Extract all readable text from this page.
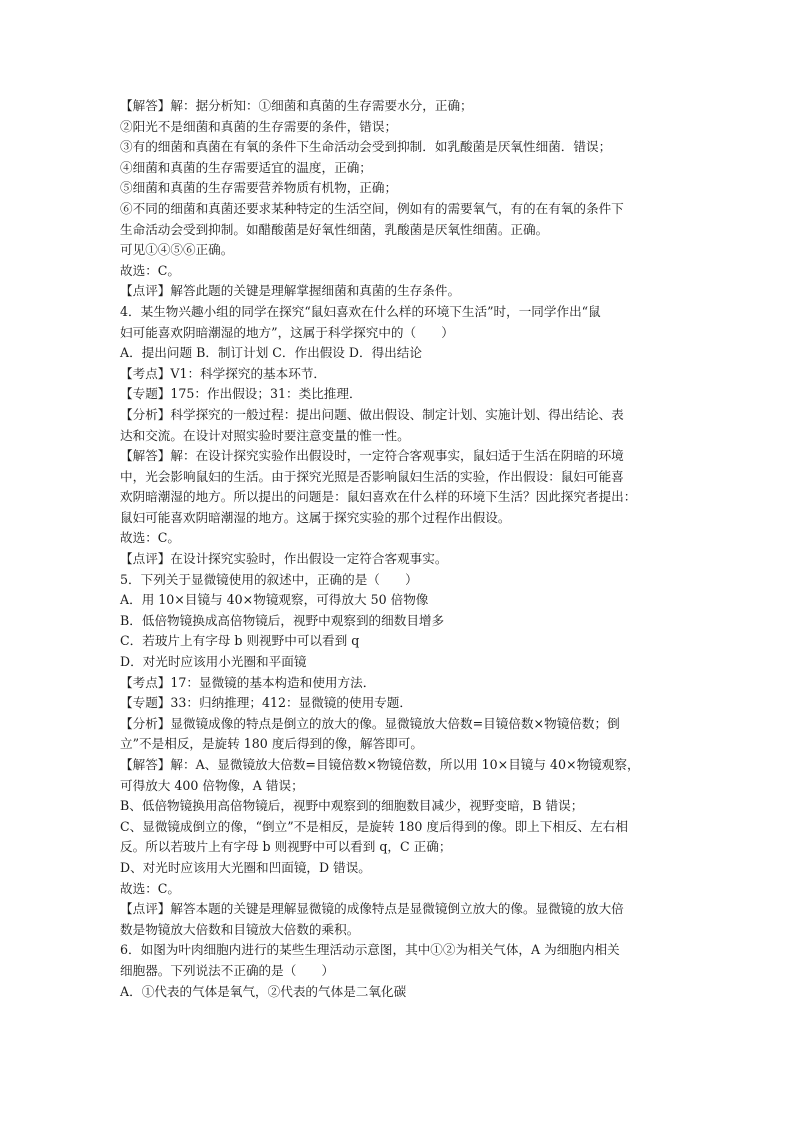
【解答】解：据分析知：①细菌和真菌的生存需要水分，正确；
②阳光不是细菌和真菌的生存需要的条件，错误；
③有的细菌和真菌在有氧的条件下生命活动会受到抑制．如乳酸菌是厌氧性细菌．错误；
④细菌和真菌的生存需要适宜的温度，正确；
⑤细菌和真菌的生存需要营养物质有机物，正确；
⑥不同的细菌和真菌还要求某种特定的生活空间，例如有的需要氧气，有的在有氧的条件下
生命活动会受到抑制。如醋酸菌是好氧性细菌，乳酸菌是厌氧性细菌。正确。
可见①④⑤⑥正确。
故选：C。
【点评】解答此题的关键是理解掌握细菌和真菌的生存条件。
4．某生物兴趣小组的同学在探究“鼠妇喜欢在什么样的环境下生活”时，一同学作出“鼠
妇可能喜欢阴暗潮湿的地方”，这属于科学探究中的（　　）
A．提出问题 B．制订计划 C．作出假设 D．得出结论
【考点】V1：科学探究的基本环节．
【专题】175：作出假设；31：类比推理．
【分析】科学探究的一般过程：提出问题、做出假设、制定计划、实施计划、得出结论、表
达和交流。在设计对照实验时要注意变量的惟一性。
【解答】解：在设计探究实验作出假设时，一定符合客观事实，鼠妇适于生活在阴暗的环境
中，光会影响鼠妇的生活。由于探究光照是否影响鼠妇生活的实验，作出假设：鼠妇可能喜
欢阴暗潮湿的地方。所以提出的问题是：鼠妇喜欢在什么样的环境下生活？因此探究者提出：
鼠妇可能喜欢阴暗潮湿的地方。这属于探究实验的那个过程作出假设。
故选：C。
【点评】在设计探究实验时，作出假设一定符合客观事实。
5．下列关于显微镜使用的叙述中，正确的是（　　）
A．用 10×目镜与 40×物镜观察，可得放大 50 倍物像
B．低倍物镜换成高倍物镜后，视野中观察到的细数目增多
C．若玻片上有字母 b 则视野中可以看到 q
D．对光时应该用小光圈和平面镜
【考点】17：显微镜的基本构造和使用方法．
【专题】33：归纳推理；412：显微镜的使用专题．
【分析】显微镜成像的特点是倒立的放大的像。显微镜放大倍数=目镜倍数×物镜倍数；倒
立”不是相反，是旋转 180 度后得到的像，解答即可。
【解答】解：A、显微镜放大倍数=目镜倍数×物镜倍数，所以用 10×目镜与 40×物镜观察，
可得放大 400 倍物像，A 错误；
B、低倍物镜换用高倍物镜后，视野中观察到的细胞数目减少，视野变暗，B 错误；
C、显微镜成倒立的像，“倒立”不是相反，是旋转 180 度后得到的像。即上下相反、左右相
反。所以若玻片上有字母 b 则视野中可以看到 q，C 正确；
D、对光时应该用大光圈和凹面镜，D 错误。
故选：C。
【点评】解答本题的关键是理解显微镜的成像特点是显微镜倒立放大的像。显微镜的放大倍
数是物镜放大倍数和目镜放大倍数的乘积。
6．如图为叶肉细胞内进行的某些生理活动示意图，其中①②为相关气体，A 为细胞内相关
细胞器。下列说法不正确的是（　　）
A．①代表的气体是氧气，②代表的气体是二氧化碳
